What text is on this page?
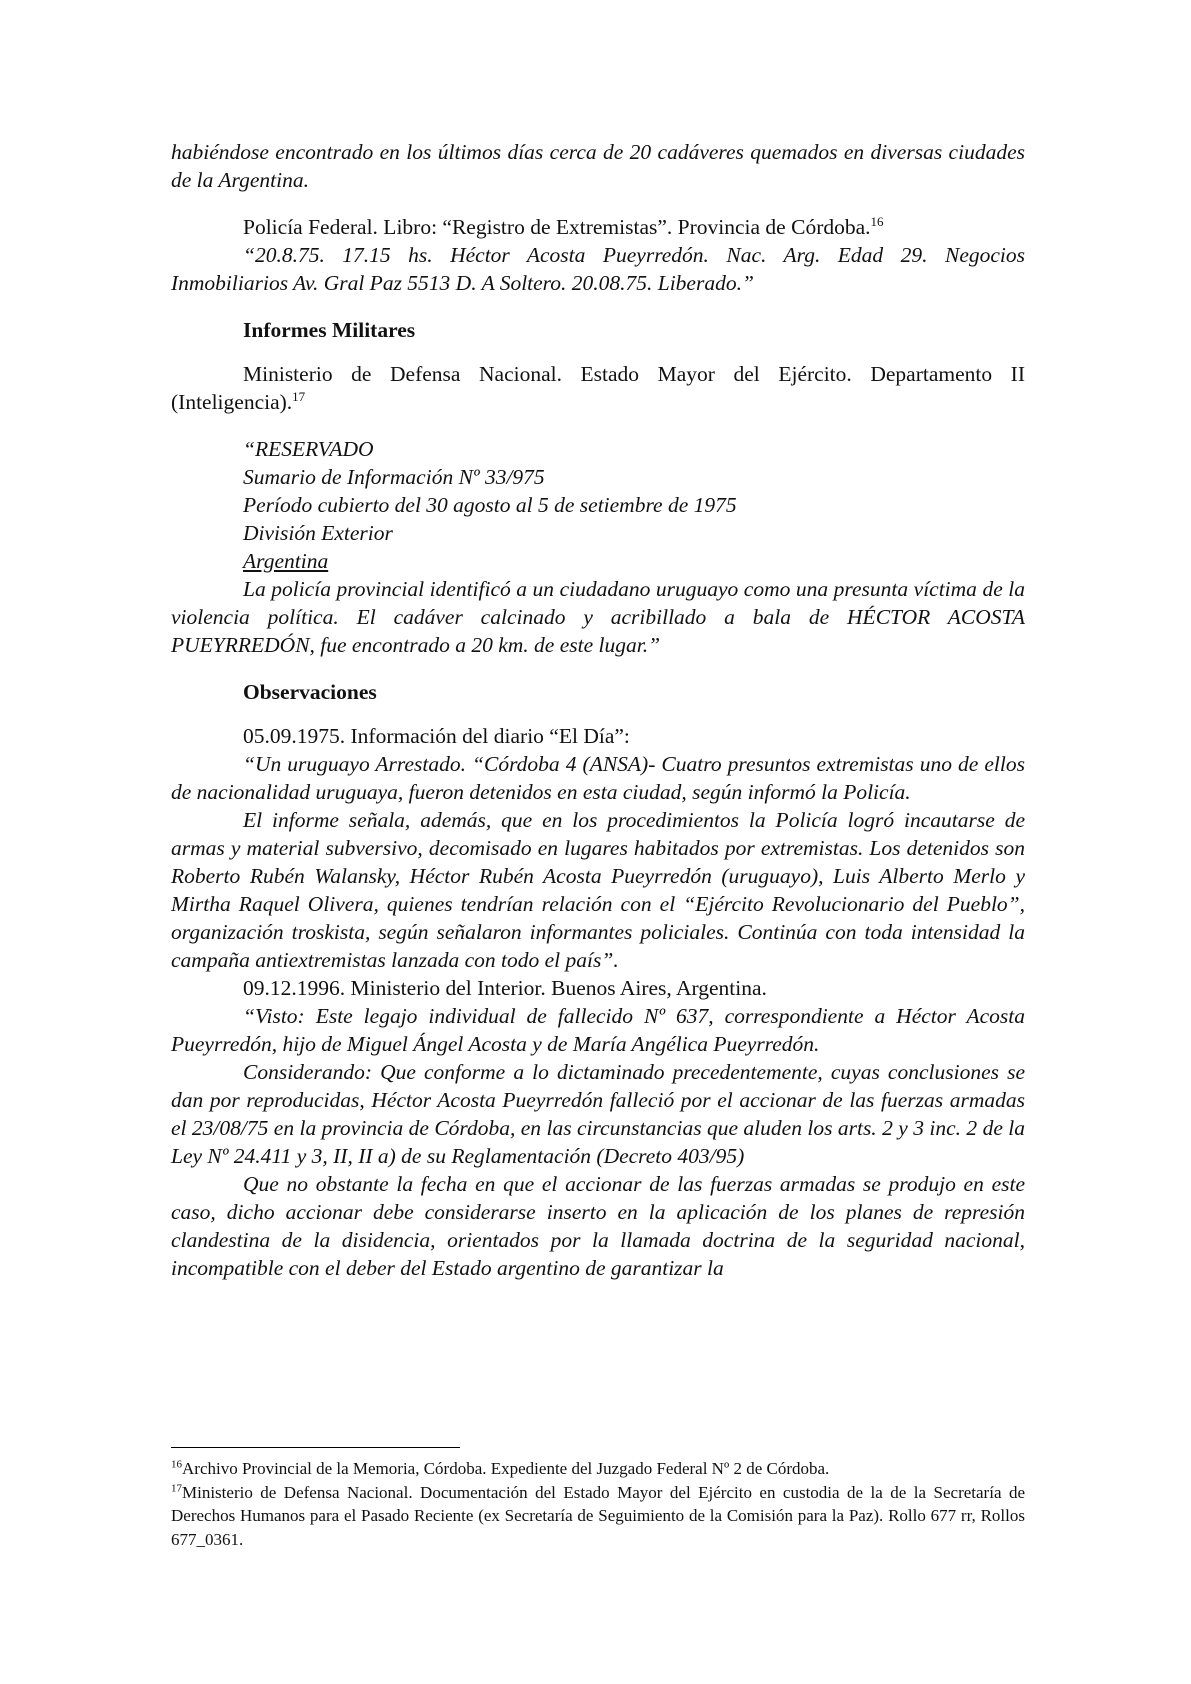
habiéndose encontrado en los últimos días cerca de 20 cadáveres quemados en diversas ciudades de la Argentina.

Policía Federal. Libro: “Registro de Extremistas”. Provincia de Córdoba.$^{16}$

“20.8.75. 17.15 hs. Héctor Acosta Pueyrredón. Nac. Arg. Edad 29. Negocios Inmobiliarios Av. Gral Paz 5513 D. A Soltero. 20.08.75. Liberado.”

Informes Militares

Ministerio de Defensa Nacional. Estado Mayor del Ejército. Departamento II (Inteligencia).$^{17}$

“RESERVADO

Sumario de Información Nº 33/975

Período cubierto del 30 agosto al 5 de setiembre de 1975

División Exterior

Argentina

La policía provincial identificó a un ciudadano uruguayo como una presunta víctima de la violencia política. El cadáver calcinado y acribillado a bala de HÉCTOR ACOSTA PUEYRREDÓN, fue encontrado a 20 km. de este lugar.”

Observaciones

05.09.1975. Información del diario “El Día”:

“Un uruguayo Arrestado. “Córdoba 4 (ANSA)- Cuatro presuntos extremistas uno de ellos de nacionalidad uruguaya, fueron detenidos en esta ciudad, según informó la Policía.

El informe señala, además, que en los procedimientos la Policía logró incautarse de armas y material subversivo, decomisado en lugares habitados por extremistas. Los detenidos son Roberto Rubén Walansky, Héctor Rubén Acosta Pueyrredón (uruguayo), Luis Alberto Merlo y Mirtha Raquel Olivera, quienes tendrían relación con el “Ejército Revolucionario del Pueblo”, organización troskista, según señalaron informantes policiales. Continúa con toda intensidad la campaña antiextremistas lanzada con todo el país”.

09.12.1996. Ministerio del Interior. Buenos Aires, Argentina.

“Visto: Este legajo individual de fallecido Nº 637, correspondiente a Héctor Acosta Pueyrredón, hijo de Miguel Ángel Acosta y de María Angélica Pueyrredón.

Considerando: Que conforme a lo dictaminado precedentemente, cuyas conclusiones se dan por reproducidas, Héctor Acosta Pueyrredón falleció por el accionar de las fuerzas armadas el 23/08/75 en la provincia de Córdoba, en las circunstancias que aluden los arts. 2 y 3 inc. 2 de la Ley Nº 24.411 y 3, II, II a) de su Reglamentación (Decreto 403/95)

Que no obstante la fecha en que el accionar de las fuerzas armadas se produjo en este caso, dicho accionar debe considerarse inserto en la aplicación de los planes de represión clandestina de la disidencia, orientados por la llamada doctrina de la seguridad nacional, incompatible con el deber del Estado argentino de garantizar la

$^{16}$Archivo Provincial de la Memoria, Córdoba. Expediente del Juzgado Federal Nº 2 de Córdoba.

$^{17}$Ministerio de Defensa Nacional. Documentación del Estado Mayor del Ejército en custodia de la de la Secretaría de Derechos Humanos para el Pasado Reciente (ex Secretaría de Seguimiento de la Comisión para la Paz). Rollo 677 rr, Rollos 677_0361.
